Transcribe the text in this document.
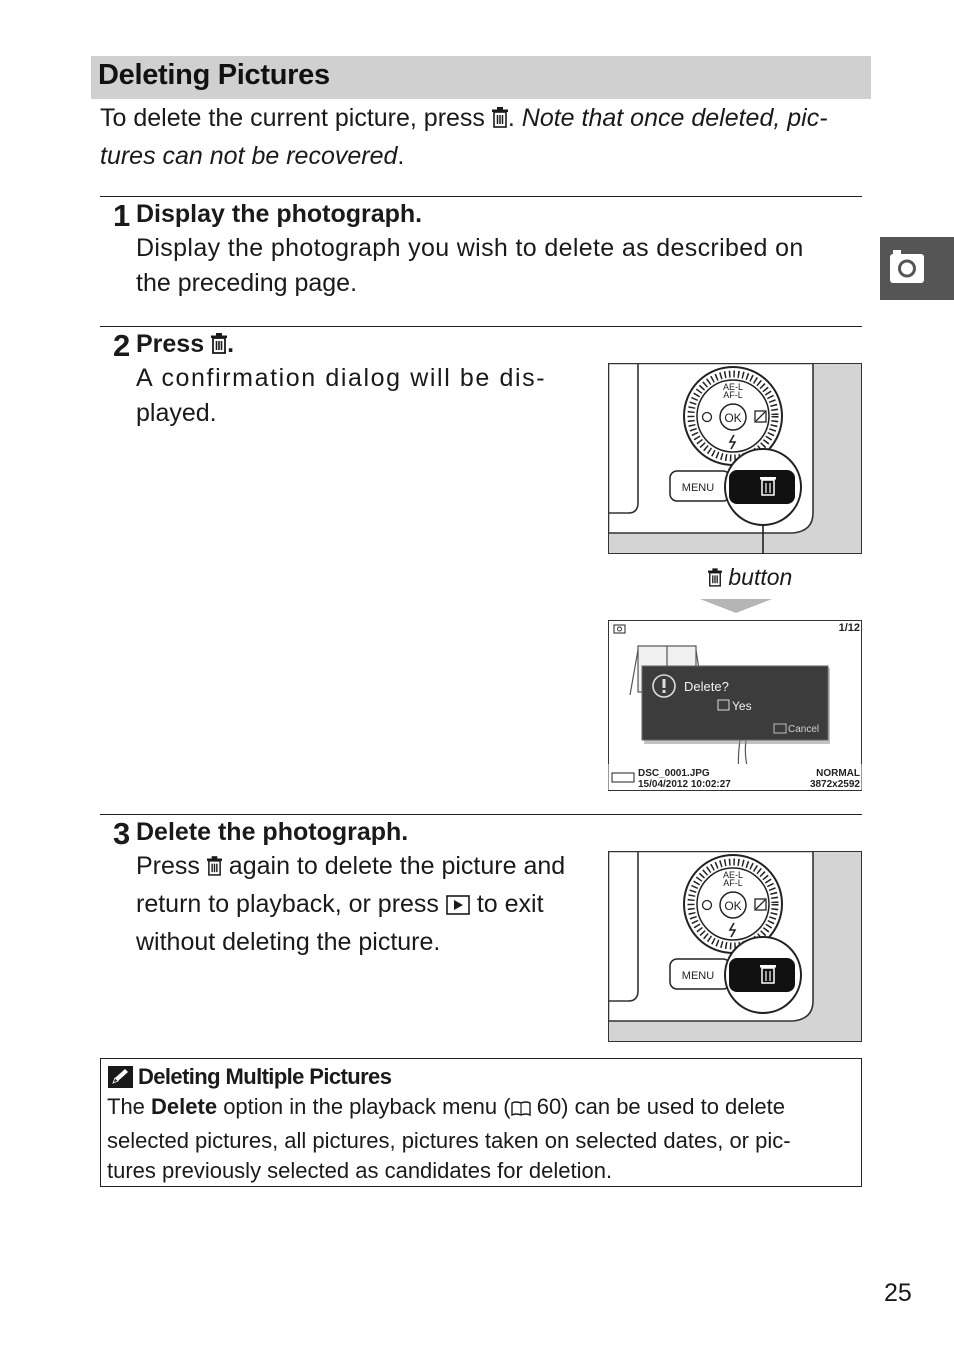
Deleting Pictures
To delete the current picture, press . Note that once deleted, pic-
tures can not be recovered.
1 Display the photograph.
Display the photograph you wish to delete as described on
the preceding page.
2 Press .
A confirmation dialog will be dis-
played.	OK
AE-L
AF-L
MENU
button
1/12
Delete?
Yes
Cancel
DSC_0001.JPG
15/04/2012 10:02:27
NORMAL
3872x2592
3 Delete the photograph.
Press  again to delete the picture and
return to playback, or press  to exit
without deleting the picture.
OK
AE-L
AF-L
MENU
Deleting Multiple Pictures
The Delete option in the playback menu ( 60) can be used to delete
selected pictures, all pictures, pictures taken on selected dates, or pic-
tures previously selected as candidates for deletion.
25
